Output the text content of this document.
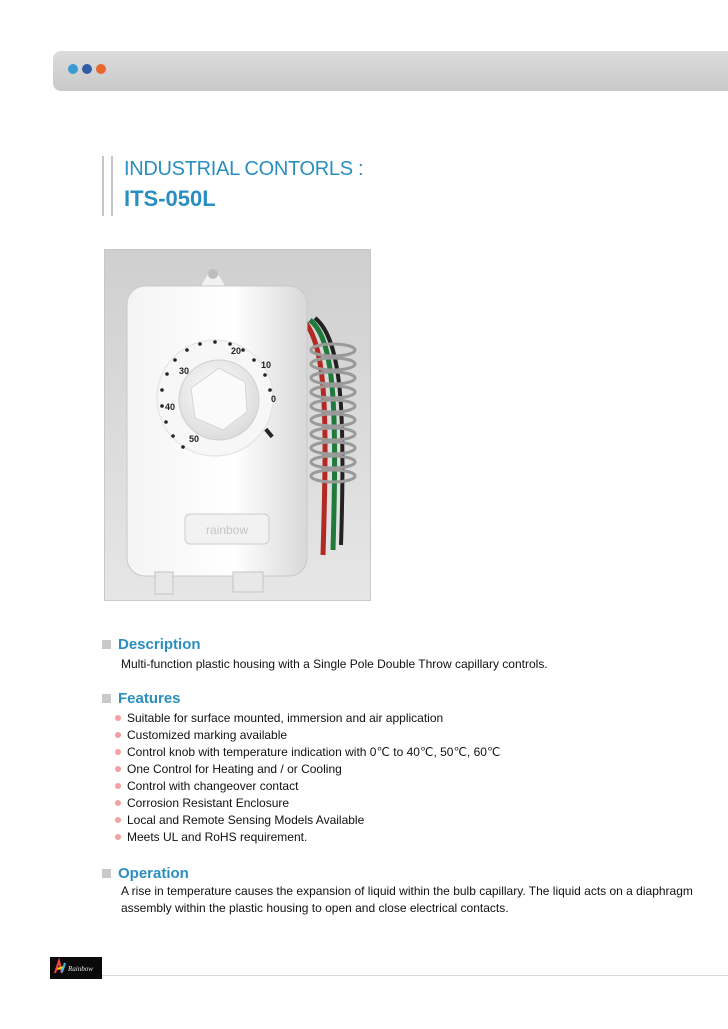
INDUSTRIAL CONTORLS :
ITS-050L
20
10
0
30
40
50
rainbow
Description
Multi-function plastic housing with a Single Pole Double Throw capillary controls.
Features
Suitable for surface mounted, immersion and air application
Customized marking available
Control knob with temperature indication with 0℃ to 40℃, 50℃, 60℃
One Control for Heating and / or Cooling
Control with changeover contact
Corrosion Resistant Enclosure
Local and Remote Sensing Models Available
Meets UL and RoHS requirement.
Operation
A rise in temperature causes the expansion of liquid within the bulb capillary. The liquid acts on a diaphragm
assembly within the plastic housing to open and close electrical contacts.
Rainbow
